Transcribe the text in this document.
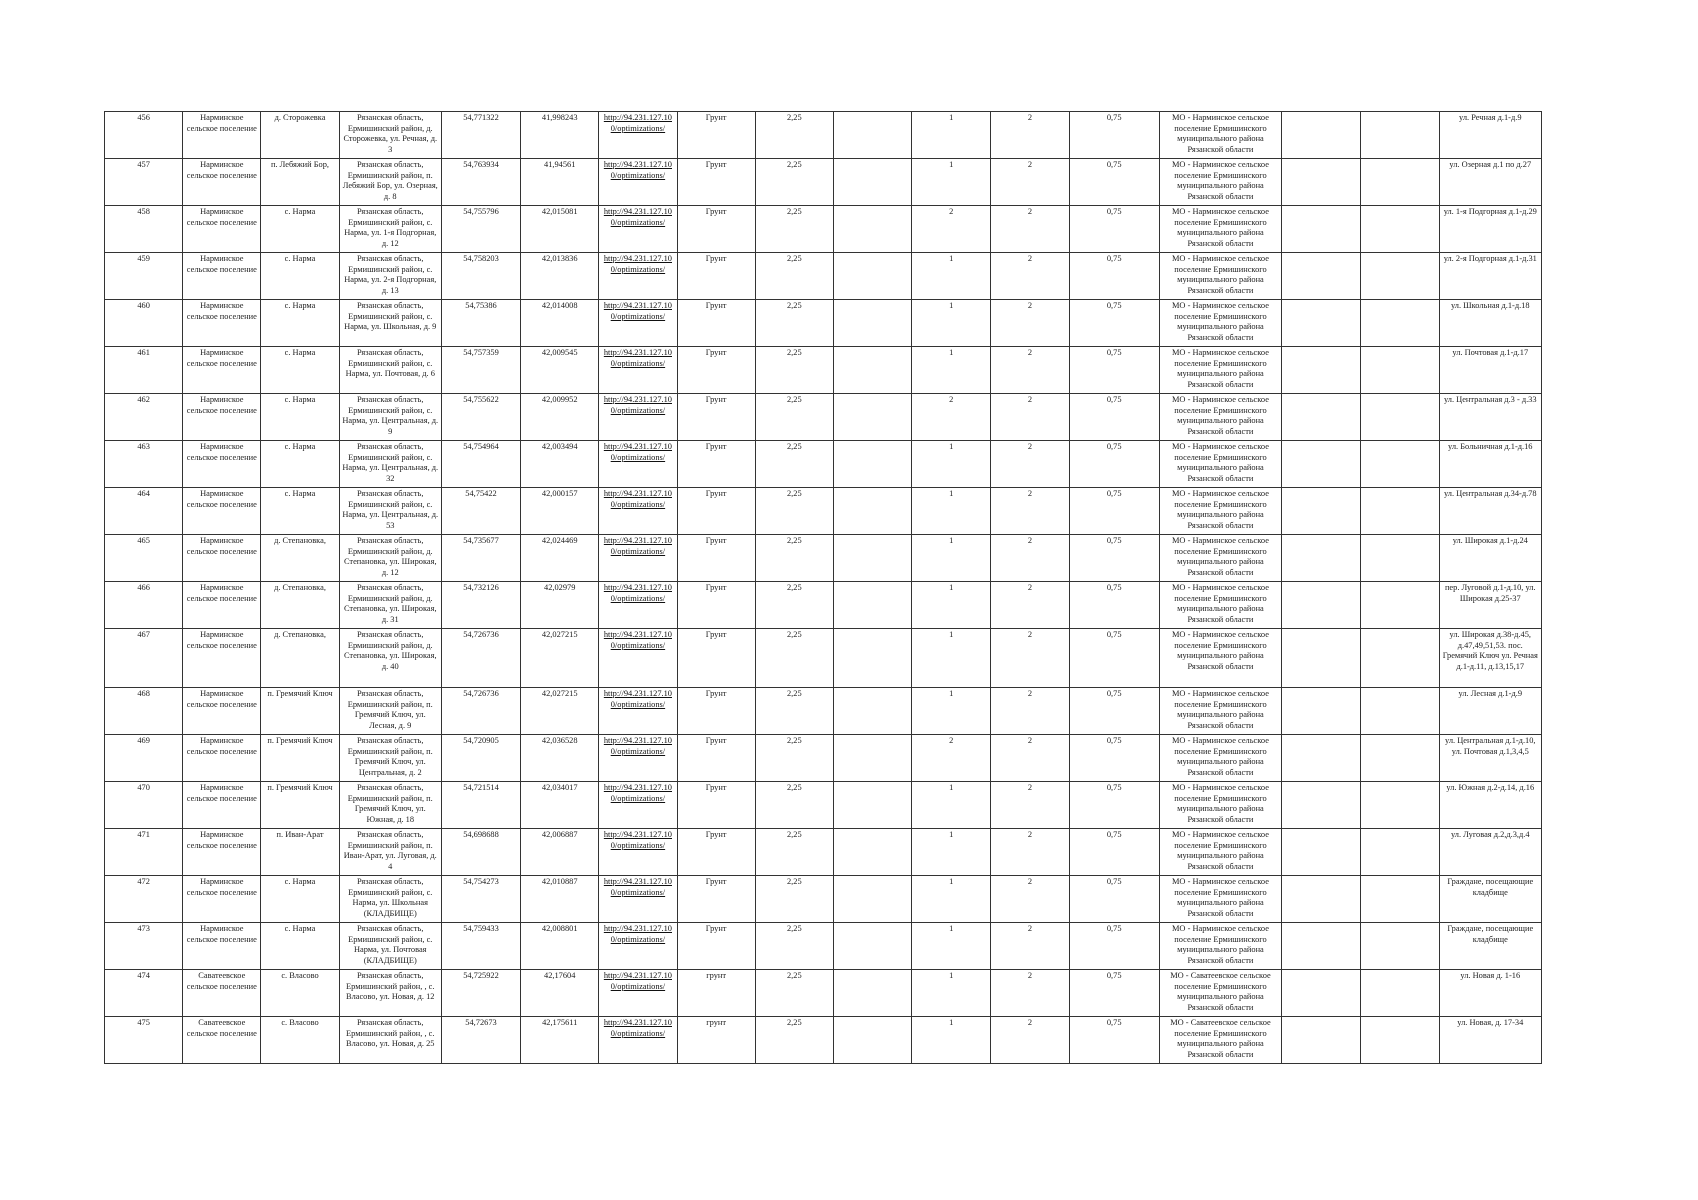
456	Нарминское сельское поселение	д. Сторожевка	Рязанская область, Ермишинский район, д. Сторожевка, ул. Речная, д. 3	54,771322	41,998243	http://94.231.127.10 0/optimizations/	Грунт	2,25		1	2	0,75	МО - Нарминское сельское поселение Ермишинского муниципального района Рязанской области			ул. Речная д.1-д.9
457	Нарминское сельское поселение	п. Лебяжий Бор,	Рязанская область, Ермишинский район, п. Лебяжий Бор, ул. Озерная, д. 8	54,763934	41,94561	http://94.231.127.10 0/optimizations/	Грунт	2,25		1	2	0,75	МО - Нарминское сельское поселение Ермишинского муниципального района Рязанской области			ул. Озерная д.1 по д.27
458	Нарминское сельское поселение	с. Нарма	Рязанская область, Ермишинский район, с. Нарма, ул. 1-я Подгорная, д. 12	54,755796	42,015081	http://94.231.127.10 0/optimizations/	Грунт	2,25		2	2	0,75	МО - Нарминское сельское поселение Ермишинского муниципального района Рязанской области			ул. 1-я Подгорная д.1-д.29
459	Нарминское сельское поселение	с. Нарма	Рязанская область, Ермишинский район, с. Нарма, ул. 2-я Подгорная, д. 13	54,758203	42,013836	http://94.231.127.10 0/optimizations/	Грунт	2,25		1	2	0,75	МО - Нарминское сельское поселение Ермишинского муниципального района Рязанской области			ул. 2-я Подгорная д.1-д.31
460	Нарминское сельское поселение	с. Нарма	Рязанская область, Ермишинский район, с. Нарма, ул. Школьная, д. 9	54,75386	42,014008	http://94.231.127.10 0/optimizations/	Грунт	2,25		1	2	0,75	МО - Нарминское сельское поселение Ермишинского муниципального района Рязанской области			ул. Школьная д.1-д.18
461	Нарминское сельское поселение	с. Нарма	Рязанская область, Ермишинский район, с. Нарма, ул. Почтовая, д. 6	54,757359	42,009545	http://94.231.127.10 0/optimizations/	Грунт	2,25		1	2	0,75	МО - Нарминское сельское поселение Ермишинского муниципального района Рязанской области			ул. Почтовая д.1-д.17
462	Нарминское сельское поселение	с. Нарма	Рязанская область, Ермишинский район, с. Нарма, ул. Центральная, д. 9	54,755622	42,009952	http://94.231.127.10 0/optimizations/	Грунт	2,25		2	2	0,75	МО - Нарминское сельское поселение Ермишинского муниципального района Рязанской области			ул. Центральная д.3 - д.33
463	Нарминское сельское поселение	с. Нарма	Рязанская область, Ермишинский район, с. Нарма, ул. Центральная, д. 32	54,754964	42,003494	http://94.231.127.10 0/optimizations/	Грунт	2,25		1	2	0,75	МО - Нарминское сельское поселение Ермишинского муниципального района Рязанской области			ул. Больничная д.1-д.16
464	Нарминское сельское поселение	с. Нарма	Рязанская область, Ермишинский район, с. Нарма, ул. Центральная, д. 53	54,75422	42,000157	http://94.231.127.10 0/optimizations/	Грунт	2,25		1	2	0,75	МО - Нарминское сельское поселение Ермишинского муниципального района Рязанской области			ул. Центральная д.34-д.78
465	Нарминское сельское поселение	д. Степановка,	Рязанская область, Ермишинский район, д. Степановка, ул. Широкая, д. 12	54,735677	42,024469	http://94.231.127.10 0/optimizations/	Грунт	2,25		1	2	0,75	МО - Нарминское сельское поселение Ермишинского муниципального района Рязанской области			ул. Широкая д.1-д.24
466	Нарминское сельское поселение	д. Степановка,	Рязанская область, Ермишинский район, д. Степановка, ул. Широкая, д. 31	54,732126	42,02979	http://94.231.127.10 0/optimizations/	Грунт	2,25		1	2	0,75	МО - Нарминское сельское поселение Ермишинского муниципального района Рязанской области			пер. Луговой д.1-д.10, ул. Широкая д.25-37
467	Нарминское сельское поселение	д. Степановка,	Рязанская область, Ермишинский район, д. Степановка, ул. Широкая, д. 40	54,726736	42,027215	http://94.231.127.10 0/optimizations/	Грунт	2,25		1	2	0,75	МО - Нарминское сельское поселение Ермишинского муниципального района Рязанской области			ул. Широкая д.38-д.45, д.47,49,51,53. пос. Гремячий Ключ ул. Речная д.1-д.11, д.13,15,17
468	Нарминское сельское поселение	п. Гремячий Ключ	Рязанская область, Ермишинский район, п. Гремячий Ключ, ул. Лесная, д. 9	54,726736	42,027215	http://94.231.127.10 0/optimizations/	Грунт	2,25		1	2	0,75	МО - Нарминское сельское поселение Ермишинского муниципального района Рязанской области			ул. Лесная д.1-д.9
469	Нарминское сельское поселение	п. Гремячий Ключ	Рязанская область, Ермишинский район, п. Гремячий Ключ, ул. Центральная, д. 2	54,720905	42,036528	http://94.231.127.10 0/optimizations/	Грунт	2,25		2	2	0,75	МО - Нарминское сельское поселение Ермишинского муниципального района Рязанской области			ул. Центральная д.1-д.10, ул. Почтовая д.1,3,4,5
470	Нарминское сельское поселение	п. Гремячий Ключ	Рязанская область, Ермишинский район, п. Гремячий Ключ, ул. Южная, д. 18	54,721514	42,034017	http://94.231.127.10 0/optimizations/	Грунт	2,25		1	2	0,75	МО - Нарминское сельское поселение Ермишинского муниципального района Рязанской области			ул. Южная д.2-д.14, д.16
471	Нарминское сельское поселение	п. Иван-Арат	Рязанская область, Ермишинский район, п. Иван-Арат, ул. Луговая, д. 4	54,698688	42,006887	http://94.231.127.10 0/optimizations/	Грунт	2,25		1	2	0,75	МО - Нарминское сельское поселение Ермишинского муниципального района Рязанской области			ул. Луговая д.2,д.3,д.4
472	Нарминское сельское поселение	с. Нарма	Рязанская область, Ермишинский район, с. Нарма, ул. Школьная (КЛАДБИЩЕ)	54,754273	42,010887	http://94.231.127.10 0/optimizations/	Грунт	2,25		1	2	0,75	МО - Нарминское сельское поселение Ермишинского муниципального района Рязанской области			Граждане, посещающие кладбище
473	Нарминское сельское поселение	с. Нарма	Рязанская область, Ермишинский район, с. Нарма, ул. Почтовая (КЛАДБИЩЕ)	54,759433	42,008801	http://94.231.127.10 0/optimizations/	Грунт	2,25		1	2	0,75	МО - Нарминское сельское поселение Ермишинского муниципального района Рязанской области			Граждане, посещающие кладбище
474	Саватеевское сельское поселение	с. Власово	Рязанская область, Ермишинский район, , с. Власово, ул. Новая, д. 12	54,725922	42,17604	http://94.231.127.10 0/optimizations/	грунт	2,25		1	2	0,75	МО - Саватеевское сельское поселение Ермишинского муниципального района Рязанской области			ул. Новая д. 1-16
475	Саватеевское сельское поселение	с. Власово	Рязанская область, Ермишинский район, , с. Власово, ул. Новая, д. 25	54,72673	42,175611	http://94.231.127.10 0/optimizations/	грунт	2,25		1	2	0,75	МО - Саватеевское сельское поселение Ермишинского муниципального района Рязанской области			ул. Новая, д. 17-34
